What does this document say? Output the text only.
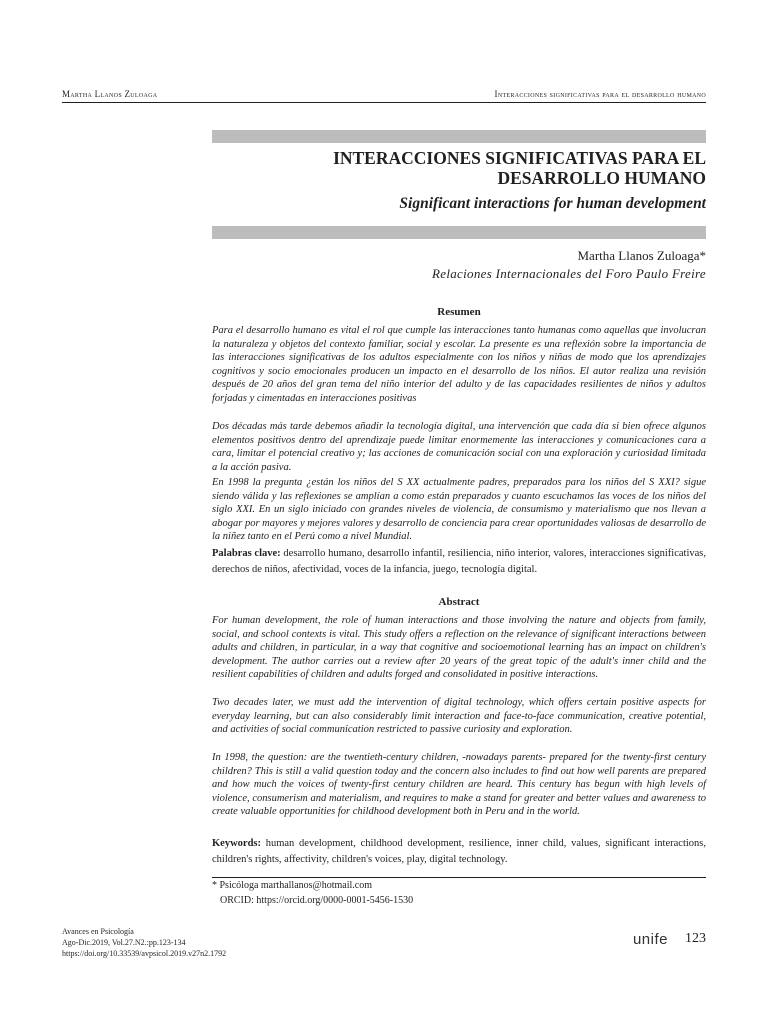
Martha Llanos Zuloaga	Interacciones significativas para el desarrollo humano
INTERACCIONES SIGNIFICATIVAS PARA EL
DESARROLLO HUMANO
Significant interactions for human development
Martha Llanos Zuloaga*
Relaciones Internacionales del Foro Paulo Freire
Resumen

Para el desarrollo humano es vital el rol que cumple las interacciones tanto humanas como aquellas que involucran la naturaleza y objetos del contexto familiar, social y escolar. La presente es una reflexión sobre la importancia de las interacciones significativas de los adultos especialmente con los niños y niñas de modo que los aprendizajes cognitivos y socio emocionales producen un impacto en el desarrollo de los niños. El autor realiza una revisión después de 20 años del gran tema del niño interior del adulto y de las capacidades resilientes de niños y adultos forjadas y cimentadas en interacciones positivas

Dos décadas más tarde debemos añadir la tecnología digital, una intervención que cada día si bien ofrece algunos elementos positivos dentro del aprendizaje puede limitar enormemente las interacciones y comunicaciones cara a cara, limitar el potencial creativo y; las acciones de comunicación social con una exploración y curiosidad limitada a la acción pasiva.

En 1998 la pregunta ¿están los niños del S XX actualmente padres, preparados para los niños del S XXI? sigue siendo válida y las reflexiones se amplían a como están preparados y cuanto escuchamos las voces de los niños del siglo XXI. En un siglo iniciado con grandes niveles de violencia, de consumismo y materialismo que nos llevan a abogar por mayores y mejores valores y desarrollo de conciencia para crear oportunidades valiosas de desarrollo de la niñez tanto en el Perú como a nivel Mundial.

Palabras clave: desarrollo humano, desarrollo infantil, resiliencia, niño interior, valores, interacciones significativas, derechos de niños, afectividad, voces de la infancia, juego, tecnología digital.

Abstract

For human development, the role of human interactions and those involving the nature and objects from family, social, and school contexts is vital. This study offers a reflection on the relevance of significant interactions between adults and children, in particular, in a way that cognitive and socioemotional learning has an impact on children's development. The author carries out a review after 20 years of the great topic of the adult's inner child and the resilient capabilities of children and adults forged and consolidated in positive interactions.

Two decades later, we must add the intervention of digital technology, which offers certain positive aspects for everyday learning, but can also considerably limit interaction and face-to-face communication, creative potential, and activities of social communication restricted to passive curiosity and exploration.

In 1998, the question: are the twentieth-century children, -nowadays parents- prepared for the twenty-first century children? This is still a valid question today and the concern also includes to find out how well parents are prepared and how much the voices of twenty-first century children are heard. This century has begun with high levels of violence, consumerism and materialism, and requires to make a stand for greater and better values and awareness to create valuable opportunities for childhood development both in Peru and in the world.

Keywords: human development, childhood development, resilience, inner child, values, significant interactions, children's rights, affectivity, children's voices, play, digital technology.

* Psicóloga marthallanos@hotmail.com
ORCID: https://orcid.org/0000-0001-5456-1530
Avances en Psicología
Ago-Dic.2019, Vol.27.N2.:pp.123-134
https://doi.org/10.33539/avpsicol.2019.v27n2.1792
unife 123
